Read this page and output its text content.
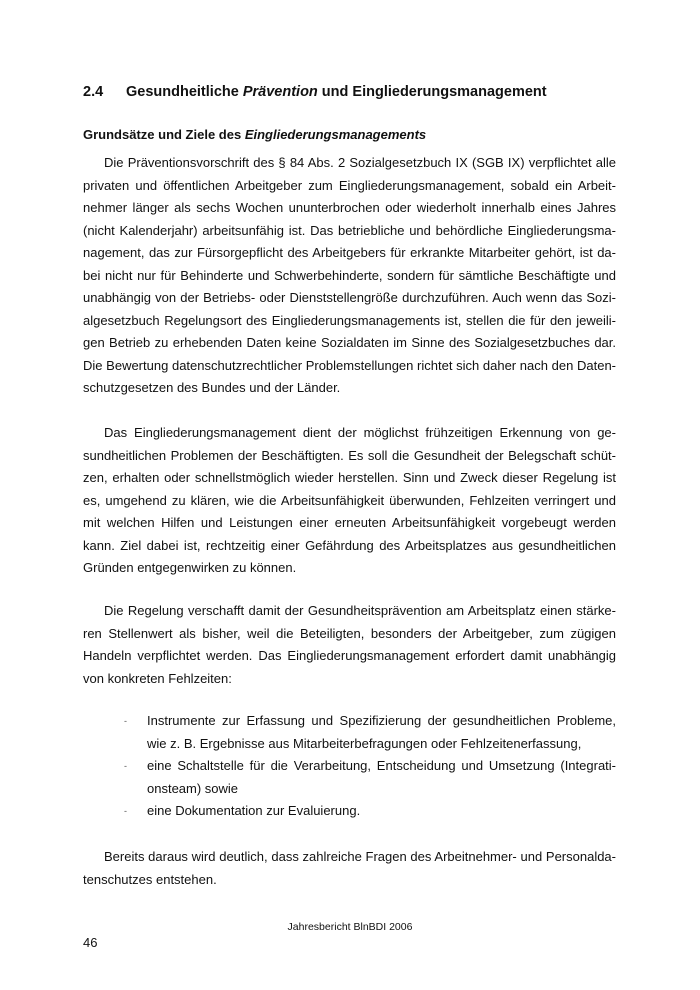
2.4 Gesundheitliche Prävention und Eingliederungsmanagement
Grundsätze und Ziele des Eingliederungsmanagements
Die Präventionsvorschrift des § 84 Abs. 2 Sozialgesetzbuch IX (SGB IX) verpflichtet alle
privaten und öffentlichen Arbeitgeber zum Eingliederungsmanagement, sobald ein Arbeit-
nehmer länger als sechs Wochen ununterbrochen oder wiederholt innerhalb eines Jahres
(nicht Kalenderjahr) arbeitsunfähig ist. Das betriebliche und behördliche Eingliederungsma-
nagement, das zur Fürsorgepflicht des Arbeitgebers für erkrankte Mitarbeiter gehört, ist da-
bei nicht nur für Behinderte und Schwerbehinderte, sondern für sämtliche Beschäftigte und
unabhängig von der Betriebs- oder Dienststellengröße durchzuführen. Auch wenn das Sozi-
algesetzbuch Regelungsort des Eingliederungsmanagements ist, stellen die für den jeweili-
gen Betrieb zu erhebenden Daten keine Sozialdaten im Sinne des Sozialgesetzbuches dar.
Die Bewertung datenschutzrechtlicher Problemstellungen richtet sich daher nach den Daten-
schutzgesetzen des Bundes und der Länder.
Das Eingliederungsmanagement dient der möglichst frühzeitigen Erkennung von ge-
sundheitlichen Problemen der Beschäftigten. Es soll die Gesundheit der Belegschaft schüt-
zen, erhalten oder schnellstmöglich wieder herstellen. Sinn und Zweck dieser Regelung ist
es, umgehend zu klären, wie die Arbeitsunfähigkeit überwunden, Fehlzeiten verringert und
mit welchen Hilfen und Leistungen einer erneuten Arbeitsunfähigkeit vorgebeugt werden
kann. Ziel dabei ist, rechtzeitig einer Gefährdung des Arbeitsplatzes aus gesundheitlichen
Gründen entgegenwirken zu können.
Die Regelung verschafft damit der Gesundheitsprävention am Arbeitsplatz einen stärke-
ren Stellenwert als bisher, weil die Beteiligten, besonders der Arbeitgeber, zum zügigen
Handeln verpflichtet werden. Das Eingliederungsmanagement erfordert damit unabhängig
von konkreten Fehlzeiten:
- Instrumente zur Erfassung und Spezifizierung der gesundheitlichen Probleme,
wie z. B. Ergebnisse aus Mitarbeiterbefragungen oder Fehlzeitenerfassung,
- eine Schaltstelle für die Verarbeitung, Entscheidung und Umsetzung (Integrati-
onsteam) sowie
- eine Dokumentation zur Evaluierung.
Bereits daraus wird deutlich, dass zahlreiche Fragen des Arbeitnehmer- und Personalda-
tenschutzes entstehen.
Jahresbericht BlnBDI 2006
46
